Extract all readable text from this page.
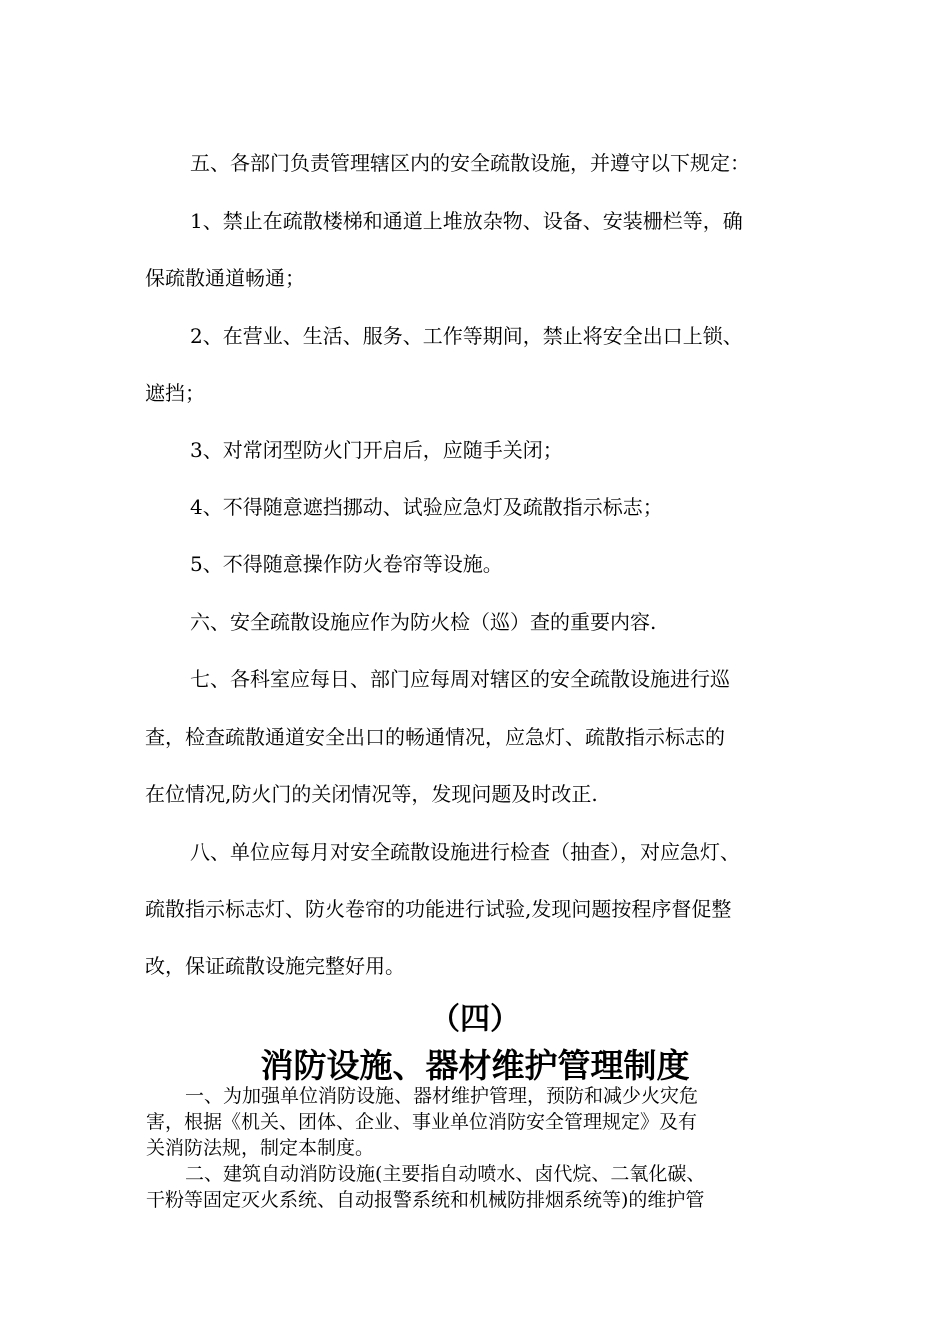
五、各部门负责管理辖区内的安全疏散设施，并遵守以下规定：
1、禁止在疏散楼梯和通道上堆放杂物、设备、安装栅栏等，确
保疏散通道畅通；
2、在营业、生活、服务、工作等期间，禁止将安全出口上锁、
遮挡；
3、对常闭型防火门开启后，应随手关闭；
4、不得随意遮挡挪动、试验应急灯及疏散指示标志；
5、不得随意操作防火卷帘等设施。
六、安全疏散设施应作为防火检（巡）查的重要内容.
七、各科室应每日、部门应每周对辖区的安全疏散设施进行巡
查，检查疏散通道安全出口的畅通情况，应急灯、疏散指示标志的
在位情况,防火门的关闭情况等，发现问题及时改正.
八、单位应每月对安全疏散设施进行检查（抽查），对应急灯、
疏散指示标志灯、防火卷帘的功能进行试验,发现问题按程序督促整
改，保证疏散设施完整好用。
（四）
消防设施、器材维护管理制度
一、为加强单位消防设施、器材维护管理，预防和减少火灾危
害，根据《机关、团体、企业、事业单位消防安全管理规定》及有
关消防法规，制定本制度。
二、建筑自动消防设施(主要指自动喷水、卤代烷、二氧化碳、
干粉等固定灭火系统、自动报警系统和机械防排烟系统等)的维护管
